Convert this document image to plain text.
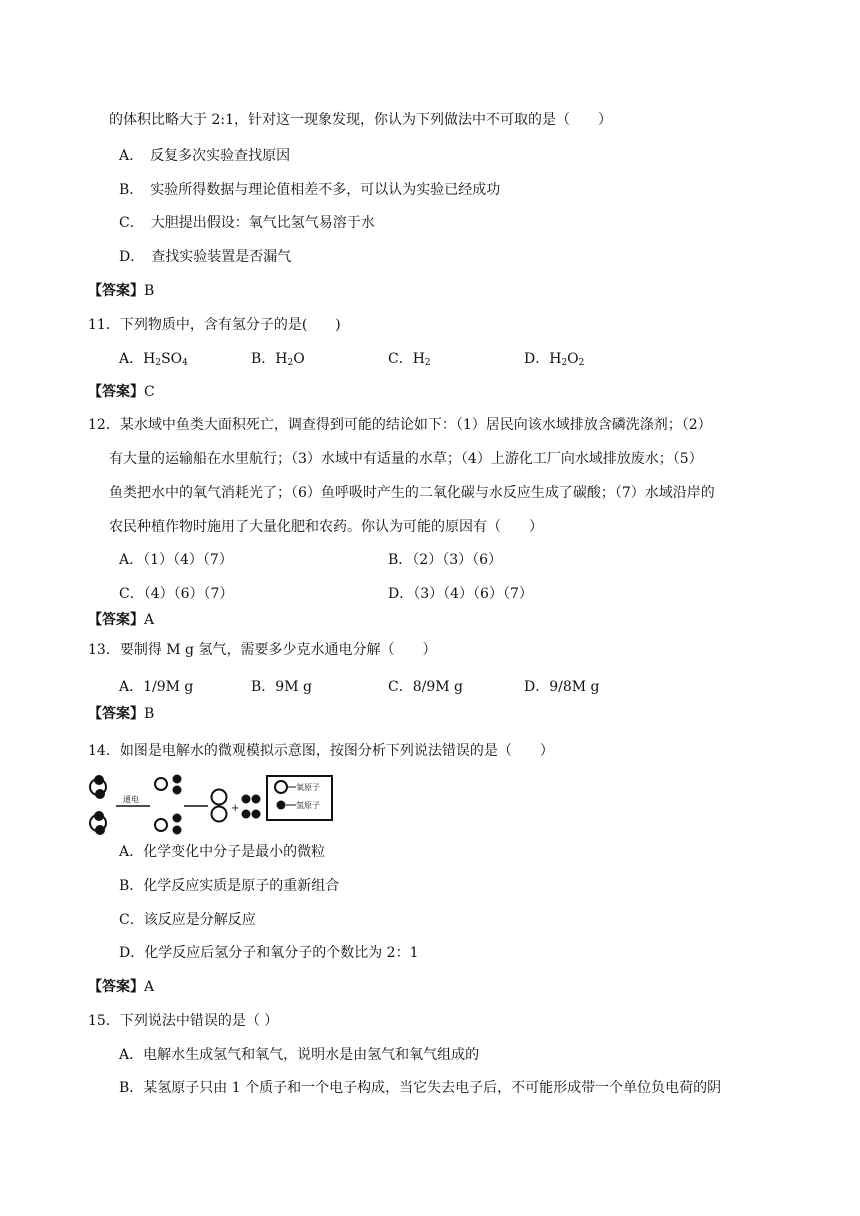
的体积比略大于 2:1，针对这一现象发现，你认为下列做法中不可取的是（　　）
A．　反复多次实验查找原因
B．　实验所得数据与理论值相差不多，可以认为实验已经成功
C．　大胆提出假设：氧气比氢气易溶于水
D．　查找实验装置是否漏气
【答案】B
11．下列物质中，含有氢分子的是(　　)
A．$H_2SO_4$	B．$H_2O$	C．$H_2$	D．$H_2O_2$
【答案】C
12．某水域中鱼类大面积死亡，调查得到可能的结论如下：（1）居民向该水域排放含磷洗涤剂；（2）
有大量的运输船在水里航行；（3）水域中有适量的水草；（4）上游化工厂向水域排放废水；（5）
鱼类把水中的氧气消耗光了；（6）鱼呼吸时产生的二氧化碳与水反应生成了碳酸；（7）水域沿岸的
农民种植作物时施用了大量化肥和农药。你认为可能的原因有（　　）
A．（1）（4）（7）	B．（2）（3）（6）
C．（4）（6）（7）	D．（3）（4）（6）（7）
【答案】A
13．要制得 M g 氢气，需要多少克水通电分解（　　）
A．1/9M g	B．9M g	C．8/9M g	D．9/8M g
【答案】B
14．如图是电解水的微观模拟示意图，按图分析下列说法错误的是（　　）
通电
+
氧原子
氢原子
A．化学变化中分子是最小的微粒
B．化学反应实质是原子的重新组合
C．该反应是分解反应
D．化学反应后氢分子和氧分子的个数比为 2：1
【答案】A
15．下列说法中错误的是（ ）
A．电解水生成氢气和氧气，说明水是由氢气和氧气组成的
B．某氢原子只由 1 个质子和一个电子构成，当它失去电子后，不可能形成带一个单位负电荷的阴
